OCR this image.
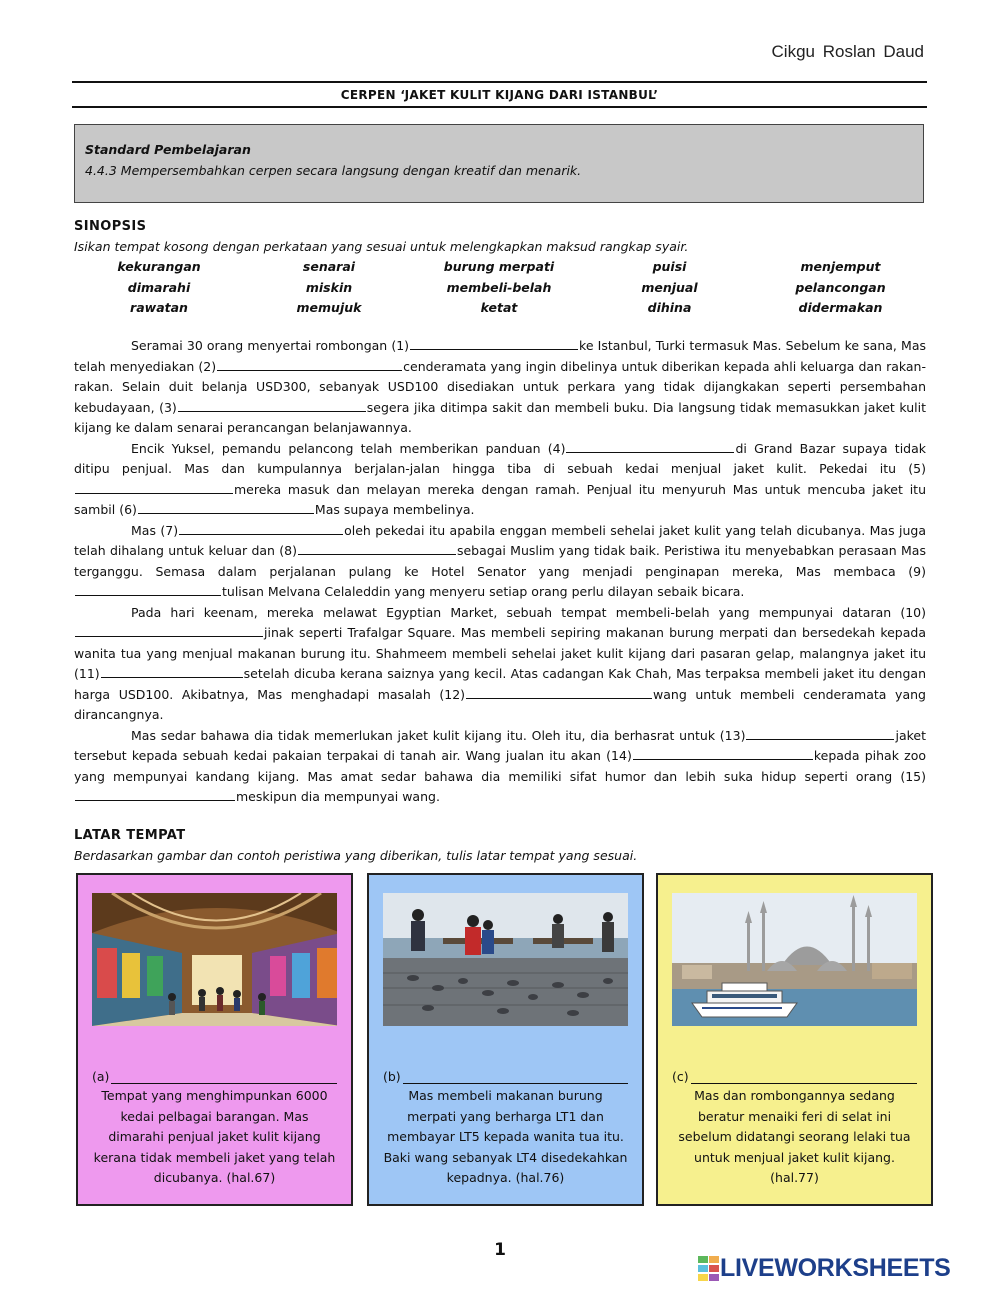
Cikgu Roslan Daud
CERPEN ‘JAKET KULIT KIJANG DARI ISTANBUL’
Standard Pembelajaran
4.4.3 Mempersembahkan cerpen secara langsung dengan kreatif dan menarik.
SINOPSIS
Isikan tempat kosong dengan perkataan yang sesuai untuk melengkapkan maksud rangkap syair.
kekurangan	senarai	burung merpati	puisi	menjemput
dimarahi	miskin	membeli-belah	menjual	pelancongan
rawatan	memujuk	ketat	dihina	didermakan

Seramai 30 orang menyertai rombongan (1)	ke Istanbul, Turki termasuk Mas. Sebelum ke sana, Mas telah menyediakan (2)	cenderamata yang ingin dibelinya untuk diberikan kepada ahli keluarga dan rakan-rakan. Selain duit belanja USD300, sebanyak USD100 disediakan untuk perkara yang tidak dijangkakan seperti persembahan kebudayaan, (3)	segera jika ditimpa sakit dan membeli buku. Dia langsung tidak memasukkan jaket kulit kijang ke dalam senarai perancangan belanjawannya.

Encik Yuksel, pemandu pelancong telah memberikan panduan (4)	di Grand Bazar supaya tidak ditipu penjual. Mas dan kumpulannya berjalan-jalan hingga tiba di sebuah kedai menjual jaket kulit. Pekedai itu (5)mereka masuk dan melayan mereka dengan ramah. Penjual itu menyuruh Mas untuk mencuba jaket itu sambil (6)	Mas supaya membelinya.

Mas (7)	oleh pekedai itu apabila enggan membeli sehelai jaket kulit yang telah dicubanya. Mas juga telah dihalang untuk keluar dan (8)	sebagai Muslim yang tidak baik. Peristiwa itu menyebabkan perasaan Mas terganggu. Semasa dalam perjalanan pulang ke Hotel Senator yang menjadi penginapan mereka, Mas membaca (9)tulisan Melvana Celaleddin yang menyeru setiap orang perlu dilayan sebaik bicara.

Pada hari keenam, mereka melawat Egyptian Market, sebuah tempat membeli-belah yang mempunyai dataran (10)jinak seperti Trafalgar Square. Mas membeli sepiring makanan burung merpati dan bersedekah kepada wanita tua yang menjual makanan burung itu. Shahmeem membeli sehelai jaket kulit kijang dari pasaran gelap, malangnya jaket itu (11)	setelah dicuba kerana saiznya yang kecil. Atas cadangan Kak Chah, Mas terpaksa membeli jaket itu dengan harga USD100. Akibatnya, Mas menghadapi masalah (12)	wang untuk membeli cenderamata yang dirancangnya.

Mas sedar bahawa dia tidak memerlukan jaket kulit kijang itu. Oleh itu, dia berhasrat untuk (13)	jaket tersebut kepada sebuah kedai pakaian terpakai di tanah air. Wang jualan itu akan (14)	kepada pihak zoo yang mempunyai kandang kijang. Mas amat sedar bahawa dia memiliki sifat humor dan lebih suka hidup seperti orang (15)meskipun dia mempunyai wang.

LATAR TEMPAT
Berdasarkan gambar dan contoh peristiwa yang diberikan, tulis latar tempat yang sesuai.
(a)
Tempat yang menghimpunkan 6000 kedai pelbagai barangan. Mas dimarahi penjual jaket kulit kijang kerana tidak membeli jaket yang telah dicubanya. (hal.67)
(b)
Mas membeli makanan burung merpati yang berharga LT1 dan membayar LT5 kepada wanita tua itu. Baki wang sebanyak LT4 disedekahkan kepadnya. (hal.76)
(c)
Mas dan rombongannya sedang beratur menaiki feri di selat ini sebelum didatangi seorang lelaki tua untuk menjual jaket kulit kijang. (hal.77)
1
LIVEWORKSHEETS
